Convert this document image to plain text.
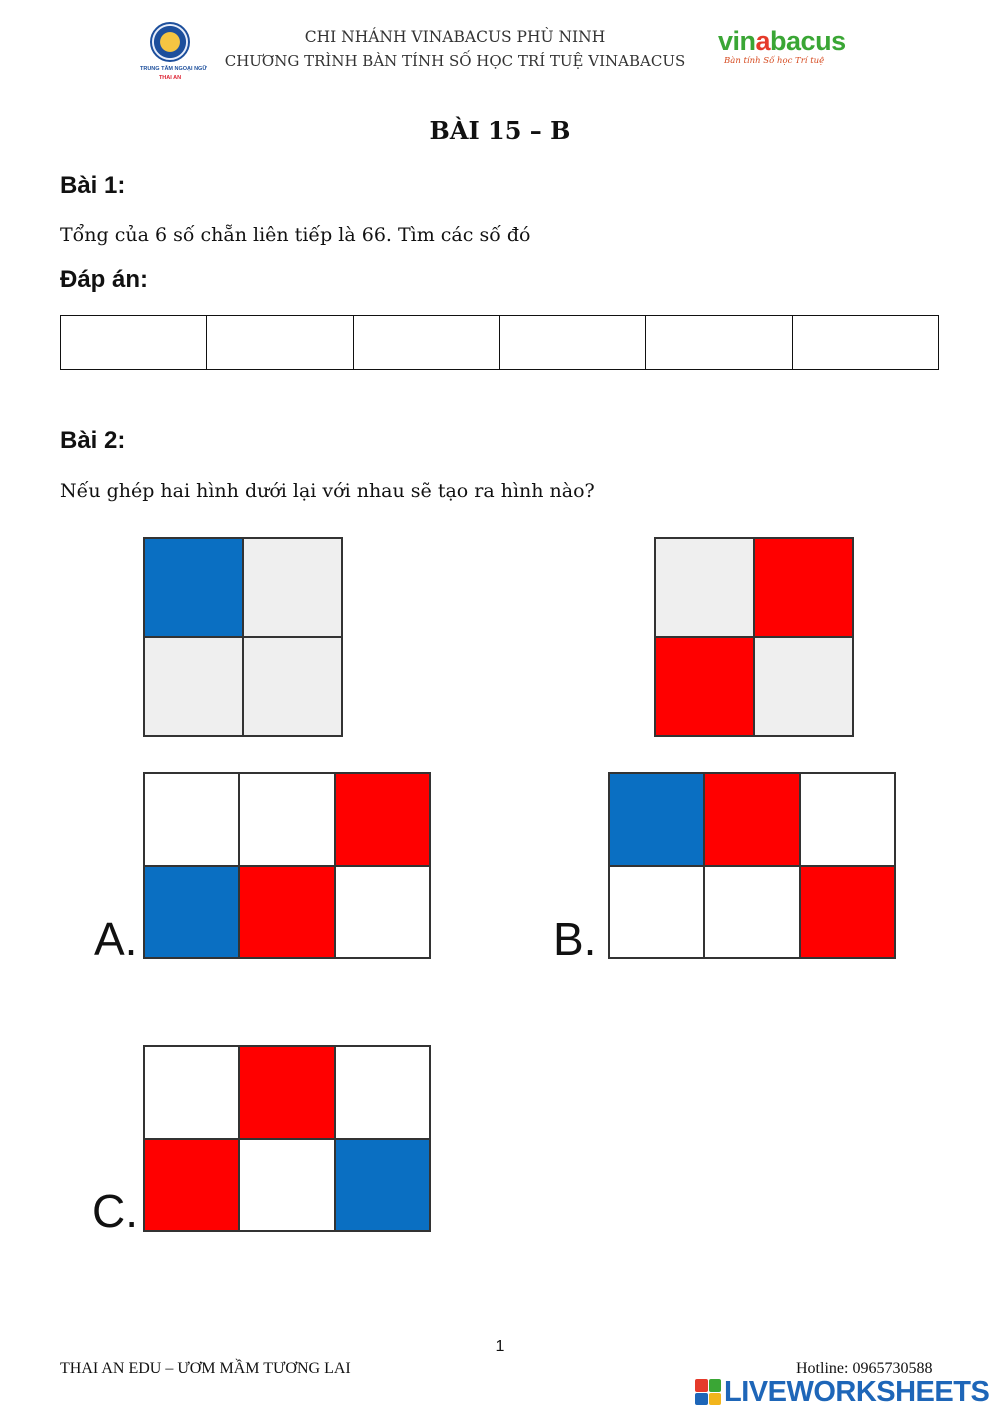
TRUNG TÂM NGOẠI NGỮ
THAI AN
CHI NHÁNH VINABACUS PHÙ NINH
CHƯƠNG TRÌNH BÀN TÍNH SỐ HỌC TRÍ TUỆ VINABACUS
vinabacus
Bàn tính Số học Trí tuệ
BÀI 15 – B
Bài 1:
Tổng của 6 số chẵn liên tiếp là 66. Tìm các số đó
Đáp án:
Bài 2:
Nếu ghép hai hình dưới lại với nhau sẽ tạo ra hình nào?
A.	B.
C.
1
THAI AN EDU – ƯƠM MẦM TƯƠNG LAI	Hotline: 0965730588
LIVEWORKSHEETS
